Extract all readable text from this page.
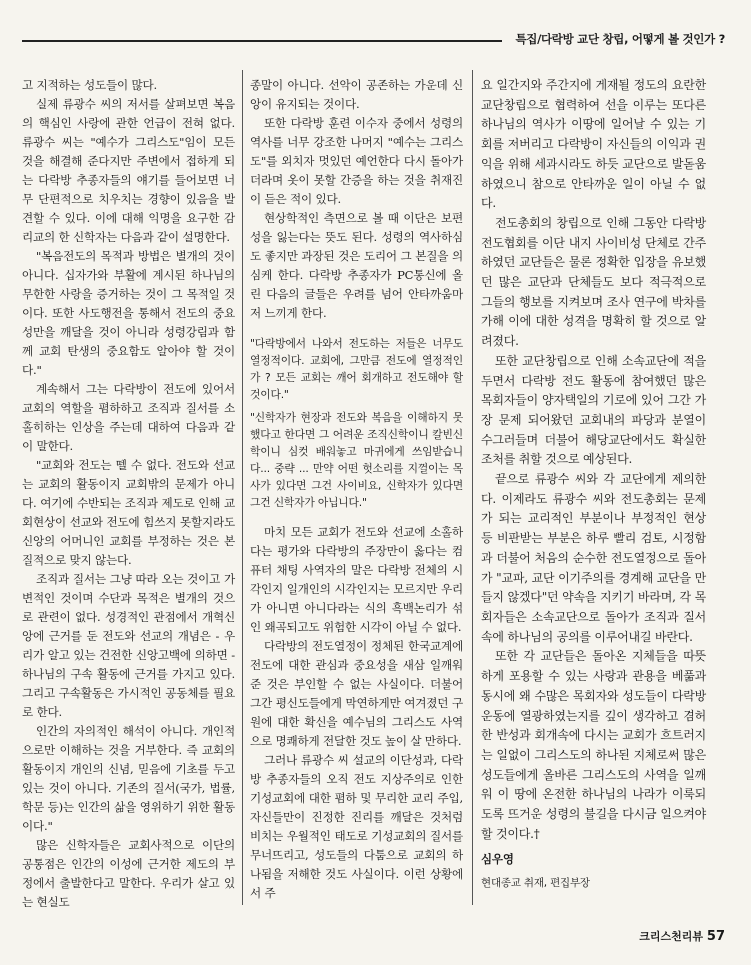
특집/다락방 교단 창립, 어떻게 볼 것인가 ?

고 지적하는 성도들이 많다.

실제 류광수 씨의 저서를 살펴보면 복음의 핵심인 사랑에 관한 언급이 전혀 없다. 류광수 씨는 "예수가 그리스도"임이 모든 것을 해결해 준다지만 주변에서 접하게 되는 다락방 추종자들의 얘기를 들어보면 너무 단편적으로 치우치는 경향이 있음을 발견할 수 있다. 이에 대해 익명을 요구한 감리교의 한 신학자는 다음과 같이 설명한다.

"복음전도의 목적과 방법은 별개의 것이 아니다. 십자가와 부활에 계시된 하나님의 무한한 사랑을 증거하는 것이 그 목적일 것이다. 또한 사도행전을 통해서 전도의 중요성만을 깨달을 것이 아니라 성령강림과 함께 교회 탄생의 중요함도 알아야 할 것이다."

계속해서 그는 다락방이 전도에 있어서 교회의 역할을 폄하하고 조직과 질서를 소홀히하는 인상을 주는데 대하여 다음과 같이 말한다.

"교회와 전도는 뗄 수 없다. 전도와 선교는 교회의 활동이지 교회밖의 문제가 아니다. 여기에 수반되는 조직과 제도로 인해 교회현상이 선교와 전도에 힘쓰지 못할지라도 신앙의 어머니인 교회를 부정하는 것은 본질적으로 맞지 않는다.

조직과 질서는 그냥 따라 오는 것이고 가변적인 것이며 수단과 목적은 별개의 것으로 관련이 없다. 성경적인 관점에서 개혁신앙에 근거를 둔 전도와 선교의 개념은 - 우리가 알고 있는 건전한 신앙고백에 의하면 - 하나님의 구속 활동에 근거를 가지고 있다. 그리고 구속활동은 가시적인 공동체를 필요로 한다.

인간의 자의적인 해석이 아니다. 개인적으로만 이해하는 것을 거부한다. 즉 교회의 활동이지 개인의 신념, 믿음에 기초를 두고 있는 것이 아니다. 기존의 질서(국가, 법률, 학문 등)는 인간의 삶을 영위하기 위한 활동이다."

많은 신학자들은 교회사적으로 이단의 공통점은 인간의 이성에 근거한 제도의 부정에서 출발한다고 말한다. 우리가 살고 있는 현실도

종말이 아니다. 선악이 공존하는 가운데 신앙이 유지되는 것이다.

또한 다락방 훈련 이수자 중에서 성령의 역사를 너무 강조한 나머지 "예수는 그리스도"를 외치자 멋있던 예언한다 다시 돌아가더라며 옷이 못할 간증을 하는 것을 취재진이 듣은 적이 있다.

현상학적인 측면으로 볼 때 이단은 보편성을 잃는다는 뜻도 된다. 성령의 역사하심도 좋지만 과장된 것은 도리어 그 본질을 의심케 한다. 다락방 추종자가 PC통신에 올린 다음의 글들은 우려를 넘어 안타까움마저 느끼게 한다.

"다락방에서 나와서 전도하는 저들은 너무도 열정적이다. 교회에, 그만큼 전도에 열정적인가 ? 모든 교회는 깨어 회개하고 전도해야 할 것이다."

"신학자가 현장과 전도와 복음을 이해하지 못했다고 한다면 그 어려운 조직신학이니 칼빈신학이니 심컷 배워놓고 마귀에게 쓰임받습니다... 중략 ... 만약 어떤 헛소리를 지껄이는 목사가 있다면 그건 사이비요, 신학자가 있다면 그건 신학자가 아닙니다."

마치 모든 교회가 전도와 선교에 소홀하다는 평가와 다락방의 주장만이 옳다는 컴퓨터 채팅 사역자의 말은 다락방 전체의 시각인지 일개인의 시각인지는 모르지만 우리가 아니면 아니다라는 식의 흑백논리가 섞인 왜곡되고도 위험한 시각이 아닐 수 없다.

다락방의 전도열정이 정체된 한국교계에 전도에 대한 관심과 중요성을 새삼 일깨워 준 것은 부인할 수 없는 사실이다. 더불어 그간 평신도들에게 막연하게만 여겨졌던 구원에 대한 확신을 예수님의 그리스도 사역으로 명쾌하게 전달한 것도 높이 살 만하다.

그러나 류광수 씨 설교의 이단성과, 다락방 추종자들의 오직 전도 지상주의로 인한 기성교회에 대한 폄하 및 무리한 교리 주입, 자신들만이 진정한 진리를 깨달은 것처럼 비치는 우월적인 태도로 기성교회의 질서를 무너뜨리고, 성도들의 다툼으로 교회의 하나됨을 저해한 것도 사실이다. 이런 상황에서 주

요 일간지와 주간지에 게재될 정도의 요란한 교단창립으로 협력하여 선을 이루는 또다른 하나님의 역사가 이땅에 일어날 수 있는 기회를 저버리고 다락방이 자신들의 이익과 권익을 위해 세과시라도 하듯 교단으로 발돋움하였으니 참으로 안타까운 일이 아닐 수 없다.

전도총회의 창립으로 인해 그동안 다락방전도협회를 이단 내지 사이비성 단체로 간주하였던 교단들은 물론 정확한 입장을 유보했던 많은 교단과 단체들도 보다 적극적으로 그들의 행보를 지켜보며 조사 연구에 박차를 가해 이에 대한 성격을 명확히 할 것으로 알려졌다.

또한 교단창립으로 인해 소속교단에 적을 두면서 다락방 전도 활동에 참여했던 많은 목회자들이 양자택일의 기로에 있어 그간 가장 문제 되어왔던 교회내의 파당과 분열이 수그러들며 더불어 해당교단에서도 확실한 조처를 취할 것으로 예상된다.

끝으로 류광수 씨와 각 교단에게 제의한다. 이제라도 류광수 씨와 전도총회는 문제가 되는 교리적인 부분이나 부정적인 현상 등 비판받는 부분은 하루 빨리 검토, 시정함과 더불어 처음의 순수한 전도열정으로 돌아가 "교파, 교단 이기주의를 경계해 교단을 만들지 않겠다"던 약속을 지키기 바라며, 각 목회자들은 소속교단으로 돌아가 조직과 질서 속에 하나님의 공의를 이루어내길 바란다.

또한 각 교단들은 돌아온 지체들을 따뜻하게 포용할 수 있는 사랑과 관용을 베풂과 동시에 왜 수많은 목회자와 성도들이 다락방운동에 열광하였는지를 깊이 생각하고 겸허한 반성과 회개속에 다시는 교회가 흐트러지는 일없이 그리스도의 하나된 지체로써 많은 성도들에게 올바른 그리스도의 사역을 일깨워 이 땅에 온전한 하나님의 나라가 이룩되도록 뜨거운 성령의 불길을 다시금 일으켜야 할 것이다.†

심우영
현대종교 취재, 편집부장
크리스천리뷰 57
